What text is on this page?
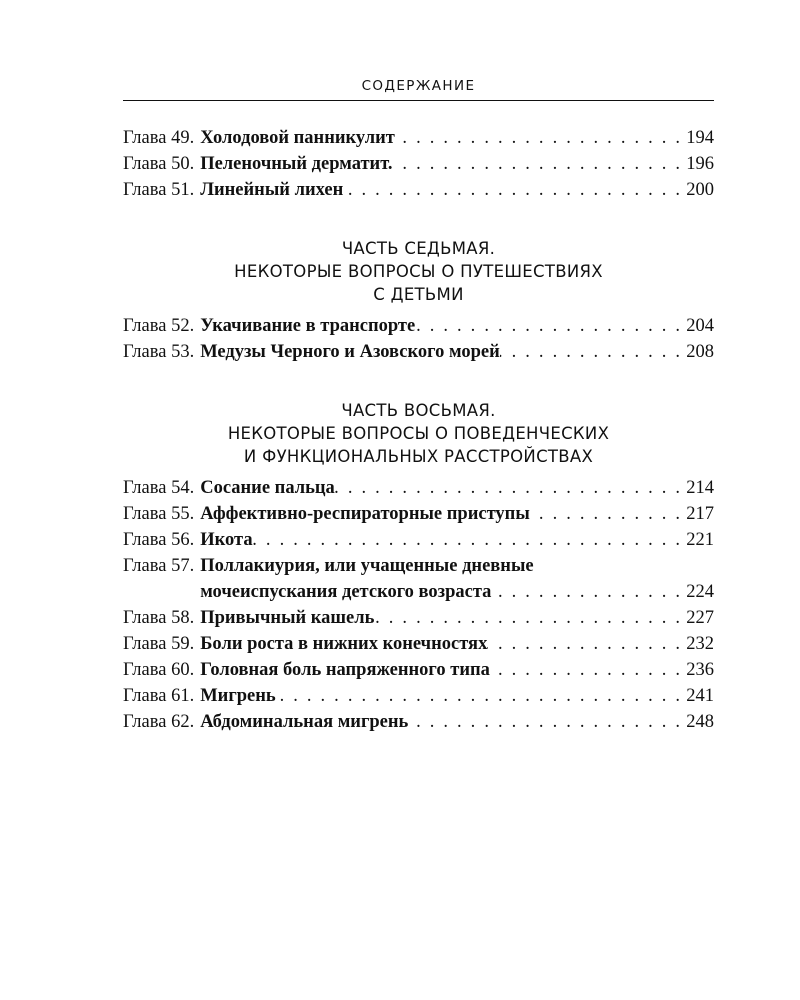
СОДЕРЖАНИЕ
Глава 49. Холодовой панникулит . . .	194
Глава 50. Пеленочный дерматит. . . .	196
Глава 51. Линейный лихен . . .	200
ЧАСТЬ СЕДЬМАЯ.
НЕКОТОРЫЕ ВОПРОСЫ О ПУТЕШЕСТВИЯХ
С ДЕТЬМИ
Глава 52. Укачивание в транспорте . . .	204
Глава 53. Медузы Черного и Азовского морей . . .	208
ЧАСТЬ ВОСЬМАЯ.
НЕКОТОРЫЕ ВОПРОСЫ О ПОВЕДЕНЧЕСКИХ
И ФУНКЦИОНАЛЬНЫХ РАССТРОЙСТВАХ
Глава 54. Сосание пальца . . .	214
Глава 55. Аффективно-респираторные приступы . . .	217
Глава 56. Икота . . .	221
Глава 57. Поллакиурия, или учащенные дневные
мочеиспускания детского возраста . . .	224
Глава 58. Привычный кашель . . .	227
Глава 59. Боли роста в нижних конечностях . . .	232
Глава 60. Головная боль напряженного типа . . .	236
Глава 61. Мигрень . . .	241
Глава 62. Абдоминальная мигрень . . .	248
